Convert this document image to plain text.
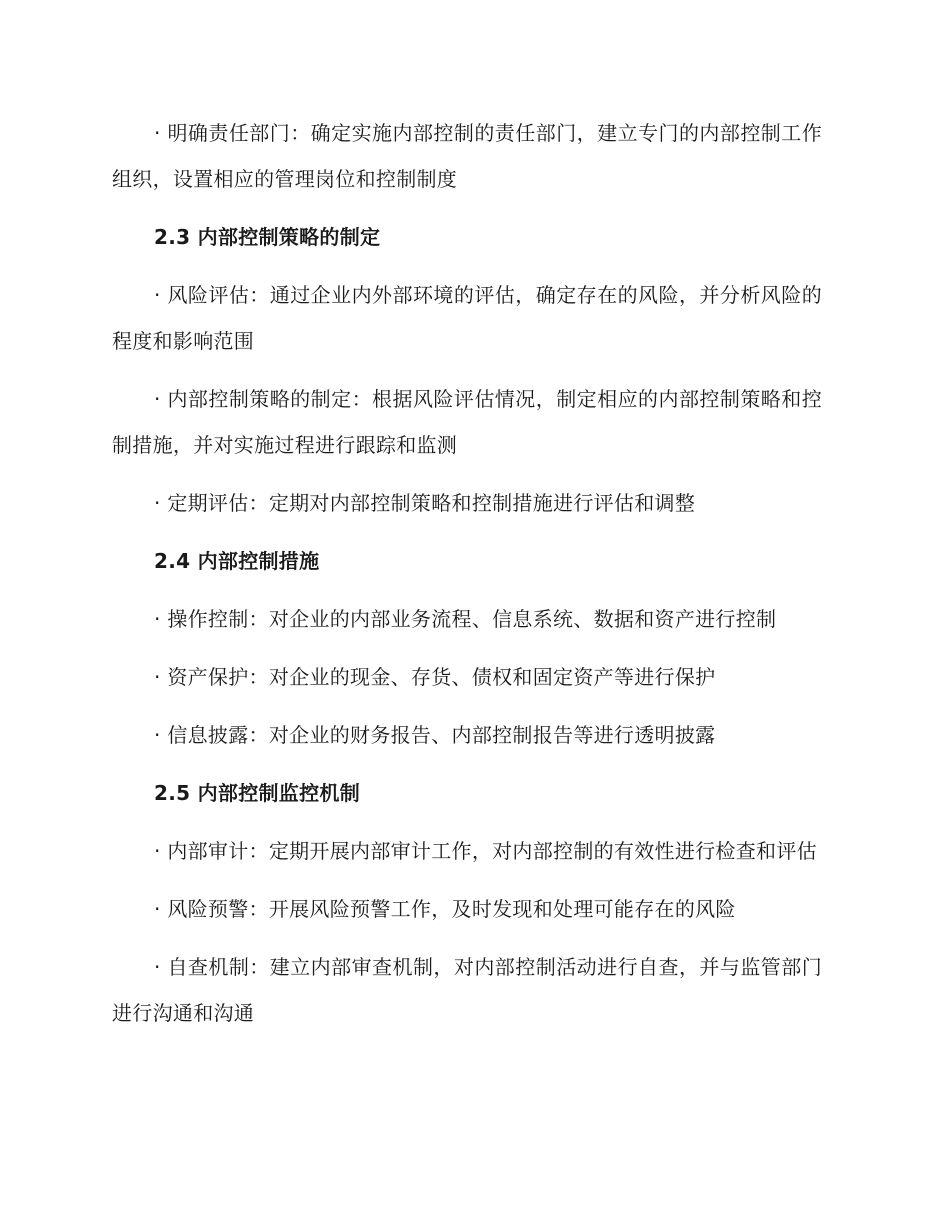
· 明确责任部门：确定实施内部控制的责任部门，建立专门的内部控制工作组织，设置相应的管理岗位和控制制度

2.3 内部控制策略的制定

· 风险评估：通过企业内外部环境的评估，确定存在的风险，并分析风险的程度和影响范围

· 内部控制策略的制定：根据风险评估情况，制定相应的内部控制策略和控制措施，并对实施过程进行跟踪和监测

· 定期评估：定期对内部控制策略和控制措施进行评估和调整

2.4 内部控制措施

· 操作控制：对企业的内部业务流程、信息系统、数据和资产进行控制

· 资产保护：对企业的现金、存货、债权和固定资产等进行保护

· 信息披露：对企业的财务报告、内部控制报告等进行透明披露

2.5 内部控制监控机制

· 内部审计：定期开展内部审计工作，对内部控制的有效性进行检查和评估

· 风险预警：开展风险预警工作，及时发现和处理可能存在的风险

· 自查机制：建立内部审查机制，对内部控制活动进行自查，并与监管部门进行沟通和沟通
